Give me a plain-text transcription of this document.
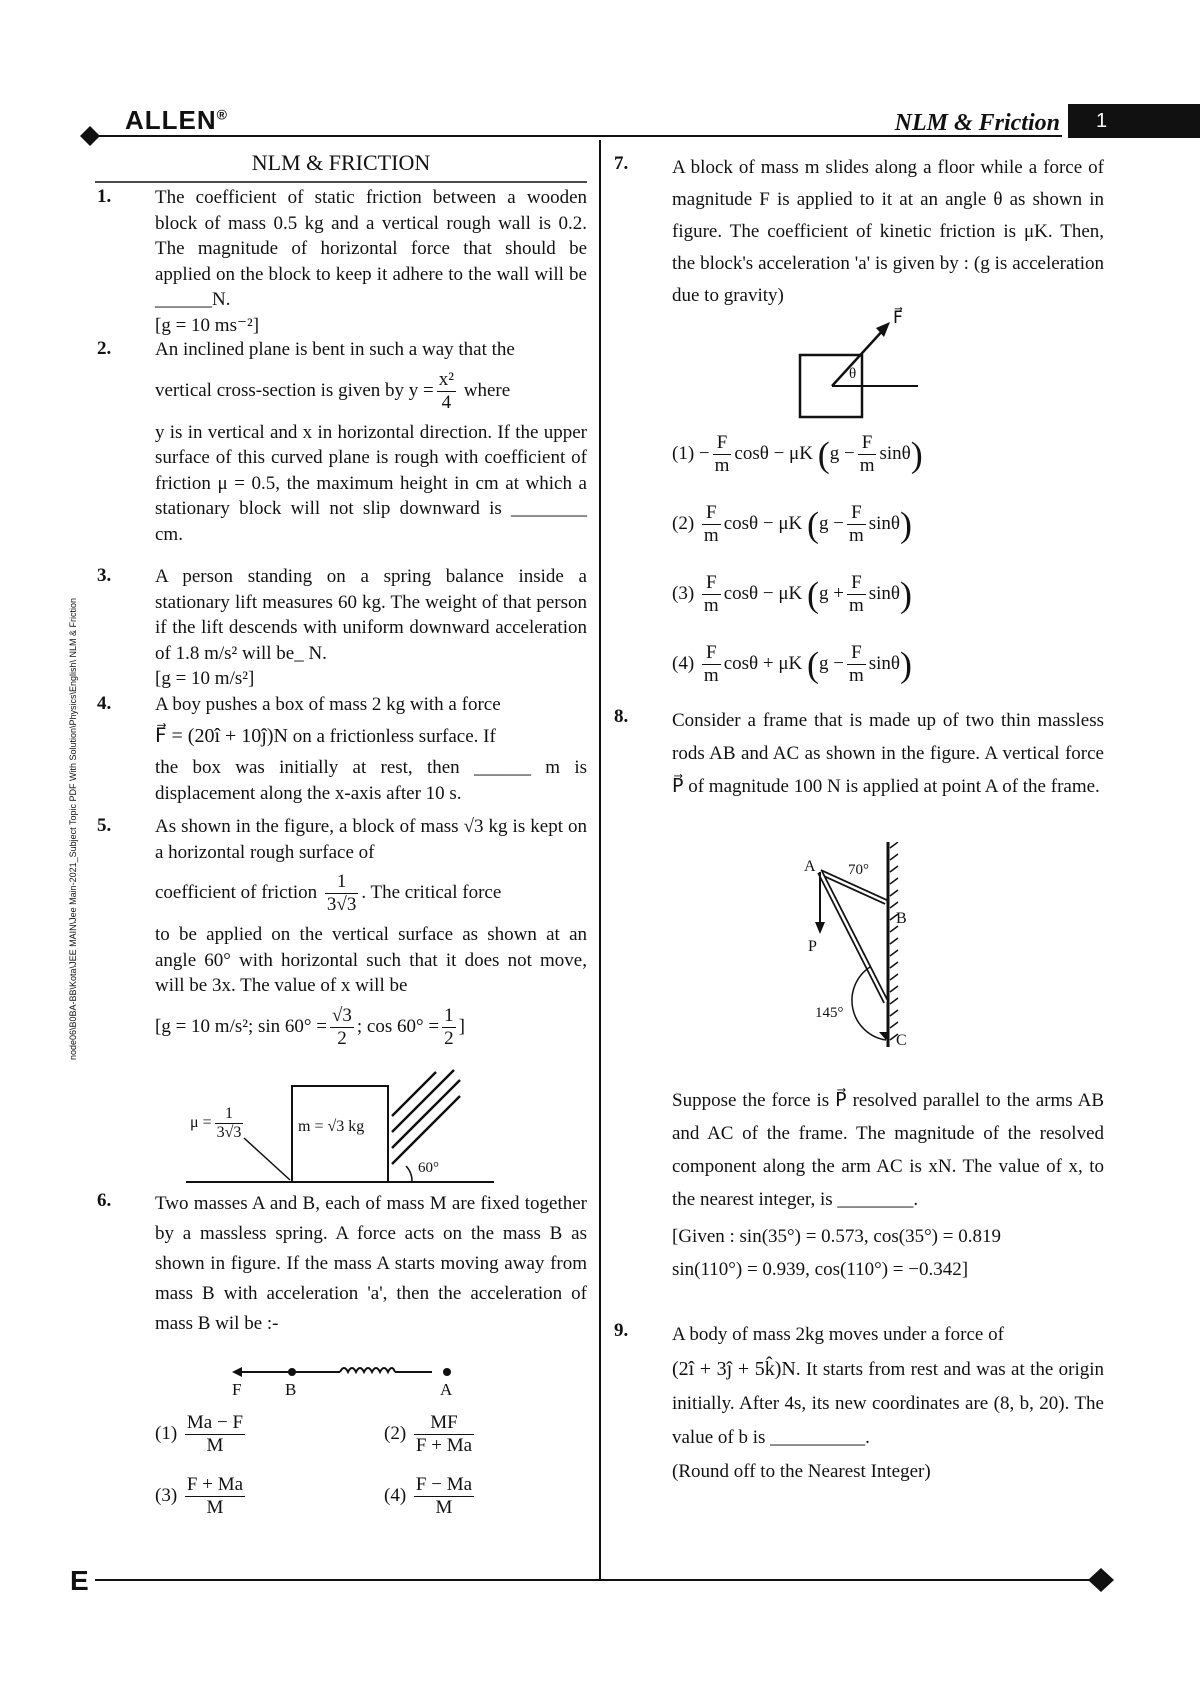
ALLEN®	NLM & Friction	1
E
node06\B0BA-BB\Kota\JEE MAIN\Jee Main-2021_Subject Topic PDF With Solution\Physics\English\ NLM & Friction
NLM & FRICTION
1. The coefficient of static friction between a wooden block of mass 0.5 kg and a vertical rough wall is 0.2. The magnitude of horizontal force that should be applied on the block to keep it adhere to the wall will be ______N.
[g = 10 ms⁻²]
2. An inclined plane is bent in such a way that the
vertical cross-section is given by $y = \frac{\text{x²}}{4}$ where
y is in vertical and x in horizontal direction. If the upper surface of this curved plane is rough with coefficient of friction μ = 0.5, the maximum height in cm at which a stationary block will not slip downward is ________ cm.
3. A person standing on a spring balance inside a stationary lift measures 60 kg. The weight of that person if the lift descends with uniform downward acceleration of 1.8 m/s² will be_ N.
[g = 10 m/s²]
4. A boy pushes a box of mass 2 kg with a force
F⃗ = (20î + 10ĵ)N on a frictionless surface. If
the box was initially at rest, then ______ m is displacement along the x-axis after 10 s.
5. As shown in the figure, a block of mass √3 kg is kept on a horizontal rough surface of
coefficient of friction $\frac{1}{3√3}$ . The critical force
to be applied on the vertical surface as shown at an angle 60° with horizontal such that it does not move, will be 3x. The value of x will be
[g = 10 m/s²; $\sin 60^\circ = \frac{√3}{2}$ ; $\cos 60^\circ = \frac{1}{2}$ ]
$\mu = \frac{1}{3√3}$	m = √3 kg
60°
6. Two masses A and B, each of mass M are fixed together by a massless spring. A force acts on the mass B as shown in figure. If the mass A starts moving away from mass B with acceleration 'a', then the acceleration of mass B wil be :-
F	B	A
$(1) \frac{Ma - F}{M}$	$(2) \frac{MF}{F + Ma}$
$(3) \frac{F + Ma}{M}$	$(4) \frac{F - Ma}{M}$
7. A block of mass m slides along a floor while a force of magnitude F is applied to it at an angle θ as shown in figure. The coefficient of kinetic friction is μK. Then, the block's acceleration 'a' is given by : (g is acceleration due to gravity)
F⃗
θ
$(1) - \frac{F}{m}$ cosθ − μK $(g - \frac{F}{m} \sin\theta)$
$(2) \frac{F}{m}$ cosθ − μK $(g - \frac{F}{m} \sin\theta)$
$(3) \frac{F}{m}$ cosθ − μK $(g + \frac{F}{m} \sin\theta)$
$(4) \frac{F}{m}$ cosθ + μK $(g - \frac{F}{m} \sin\theta)$
8. Consider a frame that is made up of two thin massless rods AB and AC as shown in the figure. A vertical force P⃗ of magnitude 100 N is applied at point A of the frame.
A 70°
B
P
145°
C
Suppose the force is P⃗ resolved parallel to the arms AB and AC of the frame. The magnitude of the resolved component along the arm AC is xN. The value of x, to the nearest integer, is ________.
[Given : sin(35°) = 0.573, cos(35°) = 0.819
sin(110°) = 0.939, cos(110°) = −0.342]
9. A body of mass 2kg moves under a force of
(2î + 3ĵ + 5k̂)N. It starts from rest and was at the origin initially. After 4s, its new coordinates are (8, b, 20). The value of b is __________.
(Round off to the Nearest Integer)
